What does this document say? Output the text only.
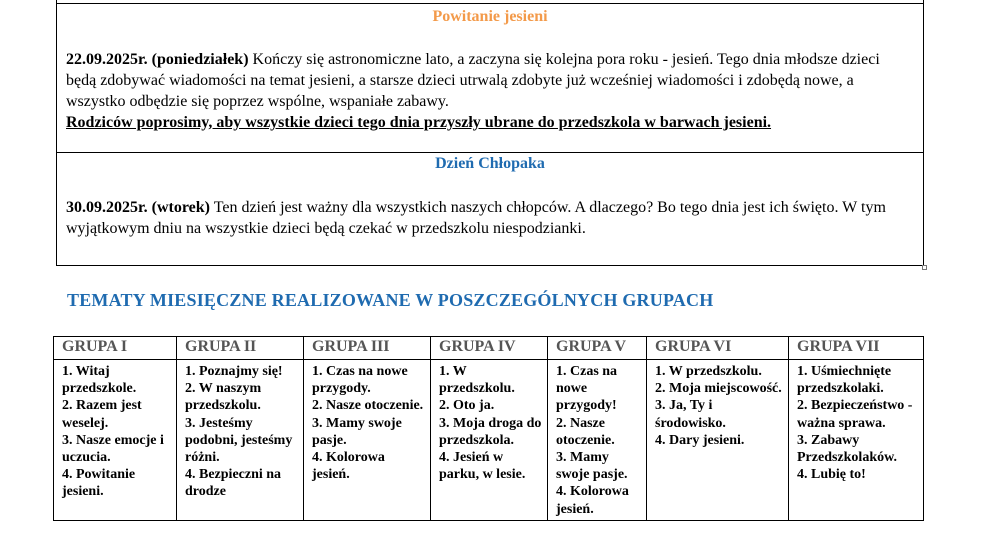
Powitanie jesieni

22.09.2025r. (poniedziałek) Kończy się astronomiczne lato, a zaczyna się kolejna pora roku - jesień. Tego dnia młodsze dzieci będą zdobywać wiadomości na temat jesieni, a starsze dzieci utrwalą zdobyte już wcześniej wiadomości i zdobędą nowe, a wszystko odbędzie się poprzez wspólne, wspaniałe zabawy.
Rodziców poprosimy, aby wszystkie dzieci tego dnia przyszły ubrane do przedszkola w barwach jesieni.

Dzień Chłopaka

30.09.2025r. (wtorek) Ten dzień jest ważny dla wszystkich naszych chłopców. A dlaczego? Bo tego dnia jest ich święto. W tym wyjątkowym dniu na wszystkie dzieci będą czekać w przedszkolu niespodzianki.

TEMATY MIESIĘCZNE REALIZOWANE W POSZCZEGÓLNYCH GRUPACH
GRUPA I	GRUPA II	GRUPA III	GRUPA IV	GRUPA V	GRUPA VI	GRUPA VII

1. Witaj przedszkole.
2. Razem jest weselej.
3. Nasze emocje i uczucia.
4. Powitanie jesieni.	1. Poznajmy się!
2. W naszym przedszkolu.
3. Jesteśmy podobni, jesteśmy różni.
4. Bezpieczni na drodze	1. Czas na nowe przygody.
2. Nasze otoczenie.
3. Mamy swoje pasje.
4. Kolorowa jesień.	1. W przedszkolu.
2. Oto ja.
3. Moja droga do przedszkola.
4. Jesień w parku, w lesie.	1. Czas na nowe przygody!
2. Nasze otoczenie.
3. Mamy swoje pasje.
4. Kolorowa jesień.	1. W przedszkolu.
2. Moja miejscowość.
3. Ja, Ty i środowisko.
4. Dary jesieni.	1. Uśmiechnięte przedszkolaki.
2. Bezpieczeństwo - ważna sprawa.
3. Zabawy Przedszkolaków.
4. Lubię to!
